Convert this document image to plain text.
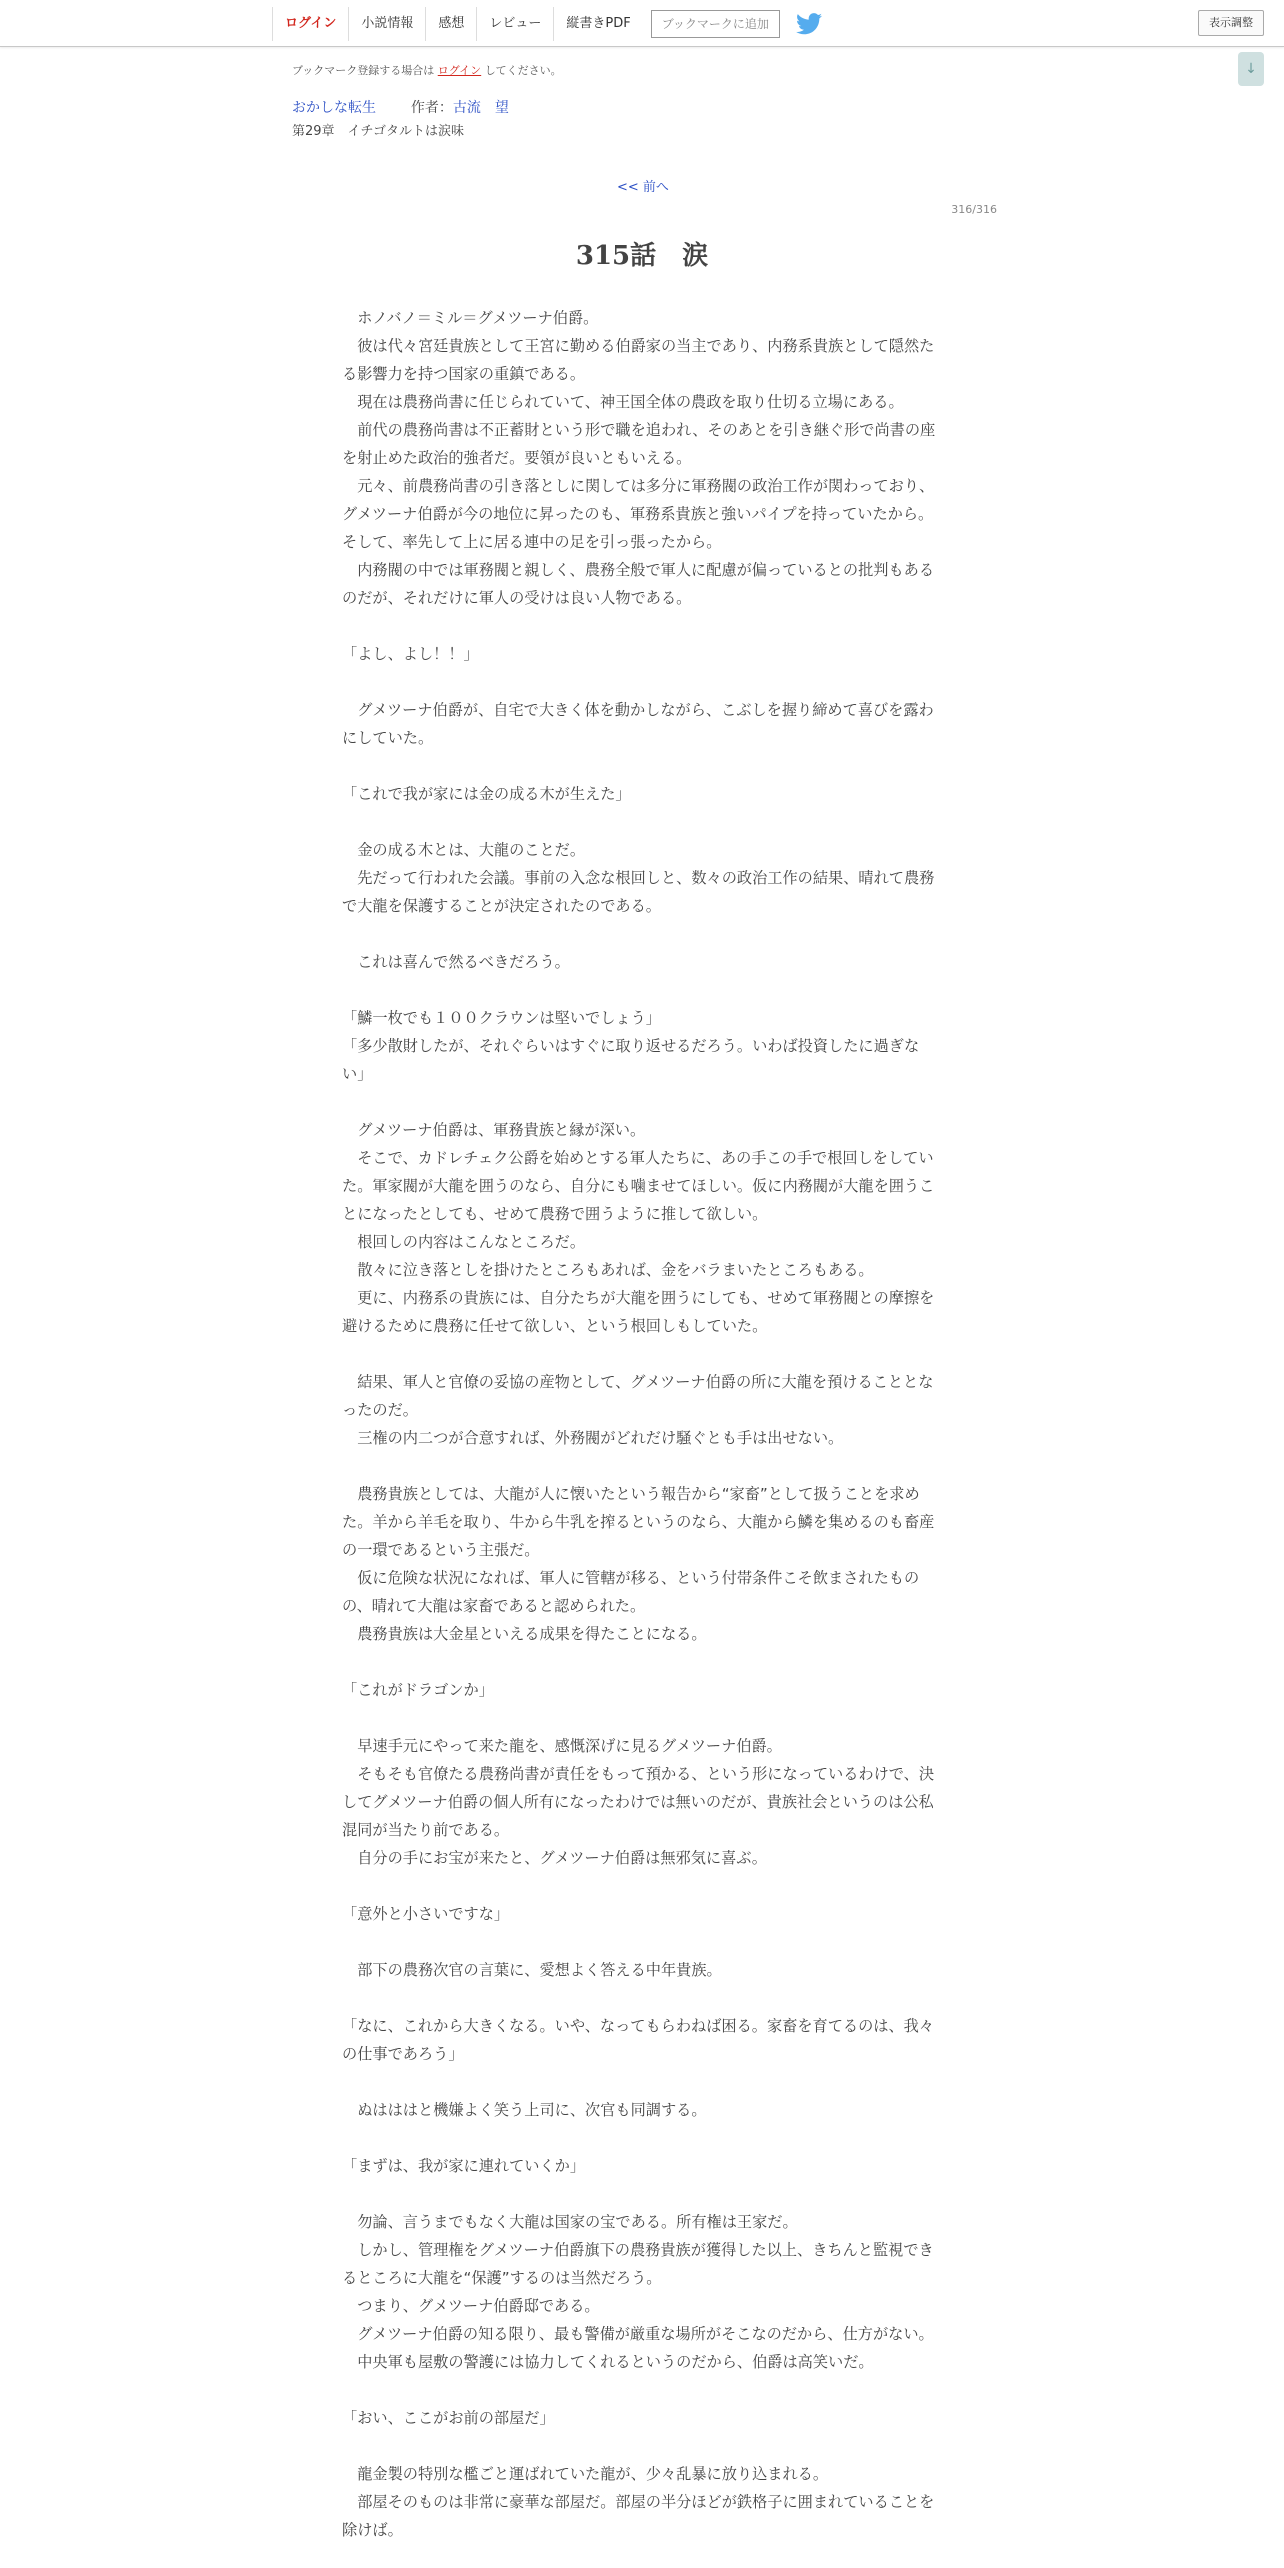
ログイン	小説情報	感想	レビュー	縦書きPDF	ブックマークに追加	表示調整
↓
ブックマーク登録する場合は ログイン してください。
おかしな転生 作者：古流　望
第29章　イチゴタルトは涙味
<< 前へ
316/316
315話　涙

　ホノバノ＝ミル＝グメツーナ伯爵。

　彼は代々宮廷貴族として王宮に勤める伯爵家の当主であり、内務系貴族として隠然たる影響力を持つ国家の重鎮である。

　現在は農務尚書に任じられていて、神王国全体の農政を取り仕切る立場にある。

　前代の農務尚書は不正蓄財という形で職を追われ、そのあとを引き継ぐ形で尚書の座を射止めた政治的強者だ。要領が良いともいえる。

　元々、前農務尚書の引き落としに関しては多分に軍務閥の政治工作が関わっており、グメツーナ伯爵が今の地位に昇ったのも、軍務系貴族と強いパイプを持っていたから。そして、率先して上に居る連中の足を引っ張ったから。

　内務閥の中では軍務閥と親しく、農務全般で軍人に配慮が偏っているとの批判もあるのだが、それだけに軍人の受けは良い人物である。

「よし、よし！！」

　グメツーナ伯爵が、自宅で大きく体を動かしながら、こぶしを握り締めて喜びを露わにしていた。

「これで我が家には金の成る木が生えた」

　金の成る木とは、大龍のことだ。

　先だって行われた会議。事前の入念な根回しと、数々の政治工作の結果、晴れて農務で大龍を保護することが決定されたのである。

　これは喜んで然るべきだろう。

「鱗一枚でも１００クラウンは堅いでしょう」

「多少散財したが、それぐらいはすぐに取り返せるだろう。いわば投資したに過ぎない」

　グメツーナ伯爵は、軍務貴族と縁が深い。

　そこで、カドレチェク公爵を始めとする軍人たちに、あの手この手で根回しをしていた。軍家閥が大龍を囲うのなら、自分にも噛ませてほしい。仮に内務閥が大龍を囲うことになったとしても、せめて農務で囲うように推して欲しい。

　根回しの内容はこんなところだ。

　散々に泣き落としを掛けたところもあれば、金をバラまいたところもある。

　更に、内務系の貴族には、自分たちが大龍を囲うにしても、せめて軍務閥との摩擦を避けるために農務に任せて欲しい、という根回しもしていた。

　結果、軍人と官僚の妥協の産物として、グメツーナ伯爵の所に大龍を預けることとなったのだ。

　三権の内二つが合意すれば、外務閥がどれだけ騒ぐとも手は出せない。

　農務貴族としては、大龍が人に懐いたという報告から“家畜”として扱うことを求めた。羊から羊毛を取り、牛から牛乳を搾るというのなら、大龍から鱗を集めるのも畜産の一環であるという主張だ。

　仮に危険な状況になれば、軍人に管轄が移る、という付帯条件こそ飲まされたものの、晴れて大龍は家畜であると認められた。

　農務貴族は大金星といえる成果を得たことになる。

「これがドラゴンか」

　早速手元にやって来た龍を、感慨深げに見るグメツーナ伯爵。

　そもそも官僚たる農務尚書が責任をもって預かる、という形になっているわけで、決してグメツーナ伯爵の個人所有になったわけでは無いのだが、貴族社会というのは公私混同が当たり前である。

　自分の手にお宝が来たと、グメツーナ伯爵は無邪気に喜ぶ。

「意外と小さいですな」

　部下の農務次官の言葉に、愛想よく答える中年貴族。

「なに、これから大きくなる。いや、なってもらわねば困る。家畜を育てるのは、我々の仕事であろう」

　ぬはははと機嫌よく笑う上司に、次官も同調する。

「まずは、我が家に連れていくか」

　勿論、言うまでもなく大龍は国家の宝である。所有権は王家だ。

　しかし、管理権をグメツーナ伯爵旗下の農務貴族が獲得した以上、きちんと監視できるところに大龍を“保護”するのは当然だろう。

　つまり、グメツーナ伯爵邸である。

　グメツーナ伯爵の知る限り、最も警備が厳重な場所がそこなのだから、仕方がない。

　中央軍も屋敷の警護には協力してくれるというのだから、伯爵は高笑いだ。

「おい、ここがお前の部屋だ」

　龍金製の特別な檻ごと運ばれていた龍が、少々乱暴に放り込まれる。

　部屋そのものは非常に豪華な部屋だ。部屋の半分ほどが鉄格子に囲まれていることを除けば。
